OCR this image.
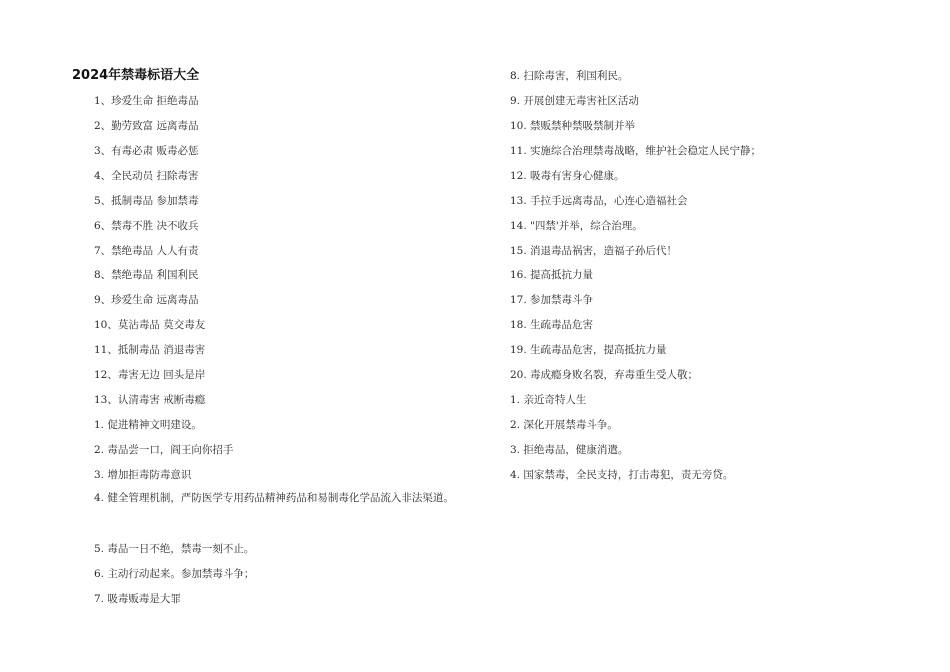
2024年禁毒标语大全
1、珍爱生命 拒绝毒品
2、勤劳致富 远离毒品
3、有毒必肃 贩毒必惩
4、全民动员 扫除毒害
5、抵制毒品 参加禁毒
6、禁毒不胜 决不收兵
7、禁绝毒品 人人有责
8、禁绝毒品 利国利民
9、珍爱生命 远离毒品
10、莫沾毒品 莫交毒友
11、抵制毒品 消退毒害
12、毒害无边 回头是岸
13、认清毒害 戒断毒瘾
1. 促进精神文明建设。
2. 毒品尝一口，阎王向你招手
3. 增加拒毒防毒意识
4. 健全管理机制，严防医学专用药品精神药品和易制毒化学品流入非法渠道。
5. 毒品一日不绝，禁毒一刻不止。
6. 主动行动起来。参加禁毒斗争；
7. 吸毒贩毒是大罪
8. 扫除毒害，利国利民。
9. 开展创建无毒害社区活动
10. 禁贩禁种禁吸禁制并举
11. 实施综合治理禁毒战略，维护社会稳定人民宁静；
12. 吸毒有害身心健康。
13. 手拉手远离毒品，心连心造福社会
14. "四禁'并举，综合治理。
15. 消退毒品祸害，造福子孙后代！
16. 提高抵抗力量
17. 参加禁毒斗争
18. 生疏毒品危害
19. 生疏毒品危害，提高抵抗力量
20. 毒成瘾身败名裂，弃毒重生受人敬；
1. 亲近奇特人生
2. 深化开展禁毒斗争。
3. 拒绝毒品，健康消遣。
4. 国家禁毒，全民支持，打击毒犯，责无旁贷。
